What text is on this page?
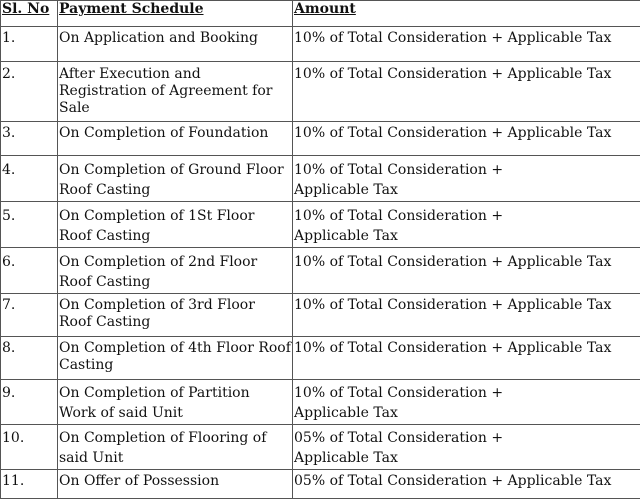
Sl. No	Payment Schedule	Amount
1.	On Application and Booking	10% of Total Consideration + Applicable Tax
2.	After Execution and Registration of Agreement for Sale	10% of Total Consideration + Applicable Tax
3.	On Completion of Foundation	10% of Total Consideration + Applicable Tax
4.	On Completion of Ground Floor Roof Casting	10% of Total Consideration + Applicable Tax
5.	On Completion of 1St Floor Roof Casting	10% of Total Consideration + Applicable Tax
6.	On Completion of 2nd Floor Roof Casting	10% of Total Consideration + Applicable Tax
7.	On Completion of 3rd Floor Roof Casting	10% of Total Consideration + Applicable Tax
8.	On Completion of 4th Floor Roof Casting	10% of Total Consideration + Applicable Tax
9.	On Completion of Partition Work of said Unit	10% of Total Consideration + Applicable Tax
10.	On Completion of Flooring of said Unit	05% of Total Consideration + Applicable Tax
11.	On Offer of Possession	05% of Total Consideration + Applicable Tax
